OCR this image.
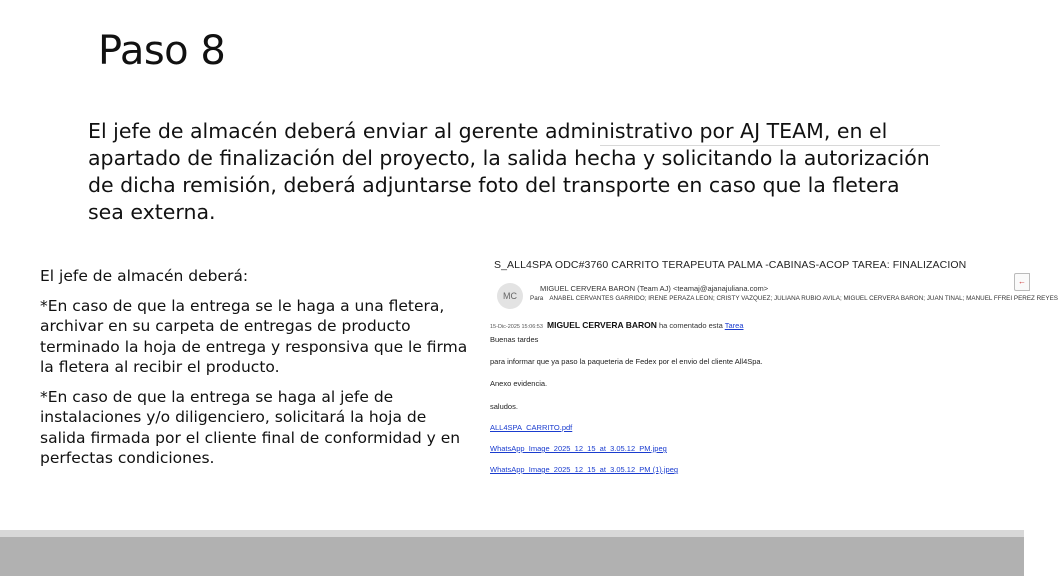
Paso 8
El jefe de almacén deberá enviar al gerente administrativo por AJ TEAM, en el apartado de finalización del proyecto, la salida hecha y solicitando la autorización de dicha remisión, deberá adjuntarse foto del transporte en caso que la fletera sea externa.

El jefe de almacén deberá:

*En caso de que la entrega se le haga a una fletera, archivar en su carpeta de entregas de producto terminado la hoja de entrega y responsiva que le firma la fletera al recibir el producto.

*En caso de que la entrega se haga al jefe de instalaciones y/o diligenciero, solicitará la hoja de salida firmada por el cliente final de conformidad y en perfectas condiciones.

S_ALL4SPA ODC#3760 CARRITO TERAPEUTA PALMA -CABINAS-ACOP TAREA: FINALIZACION
MC
MIGUEL CERVERA BARON (Team AJ) <teamaj@ajanajuliana.com>
Para ANABEL CERVANTES GARRIDO; IRENE PERAZA LEON; CRISTY VAZQUEZ; JULIANA RUBIO AVILA; MIGUEL CERVERA BARON; JUAN TINAL; MANUEL FFREI PEREZ REYES
←
15-Dic-2025 15:06:53 MIGUEL CERVERA BARON ha comentado esta Tarea
Buenas tardes
para informar que ya paso la paqueteria de Fedex por el envio del cliente All4Spa.
Anexo evidencia.
saludos.
ALL4SPA_CARRITO.pdf
WhatsApp_Image_2025_12_15_at_3.05.12_PM.jpeg
WhatsApp_Image_2025_12_15_at_3.05.12_PM (1).jpeg
